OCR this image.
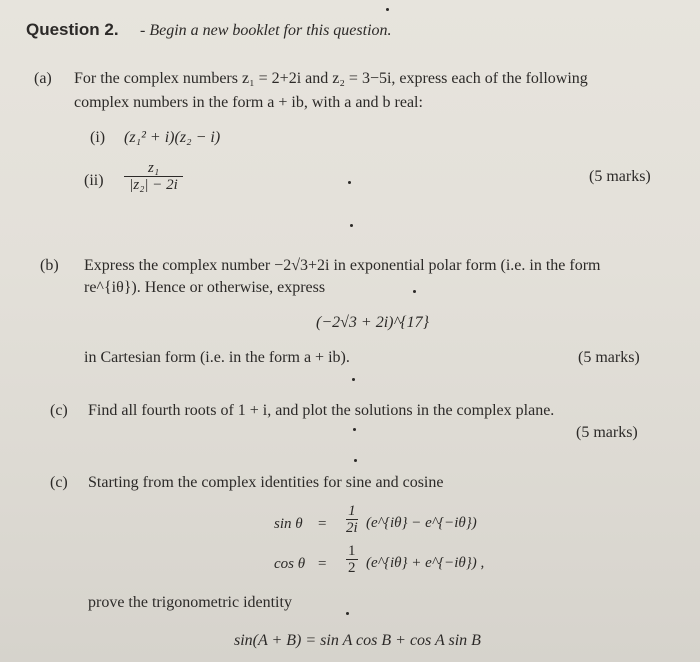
Question 2. - Begin a new booklet for this question.
(a) For the complex numbers z₁ = 2+2i and z₂ = 3−5i, express each of the following
complex numbers in the form a + ib, with a and b real:
(i) (z₁² + i)(z₂ − i)
$(ii) \frac{\text{z₁}}{\text{|z₂| − 2i}}$	(5 marks)
(b) Express the complex number −2√3+2i in exponential polar form (i.e. in the form
re^{iθ}). Hence or otherwise, express
(−2√3 + 2i)^{17}
in Cartesian form (i.e. in the form a + ib).	(5 marks)
(c) Find all fourth roots of 1 + i, and plot the solutions in the complex plane.
(5 marks)
(c) Starting from the complex identities for sine and cosine
$\sin \theta = \frac{1}{2i}$ (e^{iθ} − e^{−iθ})
$\cos \theta = \frac{1}{2}$ (e^{iθ} + e^{−iθ}) ,
prove the trigonometric identity
sin(A + B) = sin A cos B + cos A sin B
